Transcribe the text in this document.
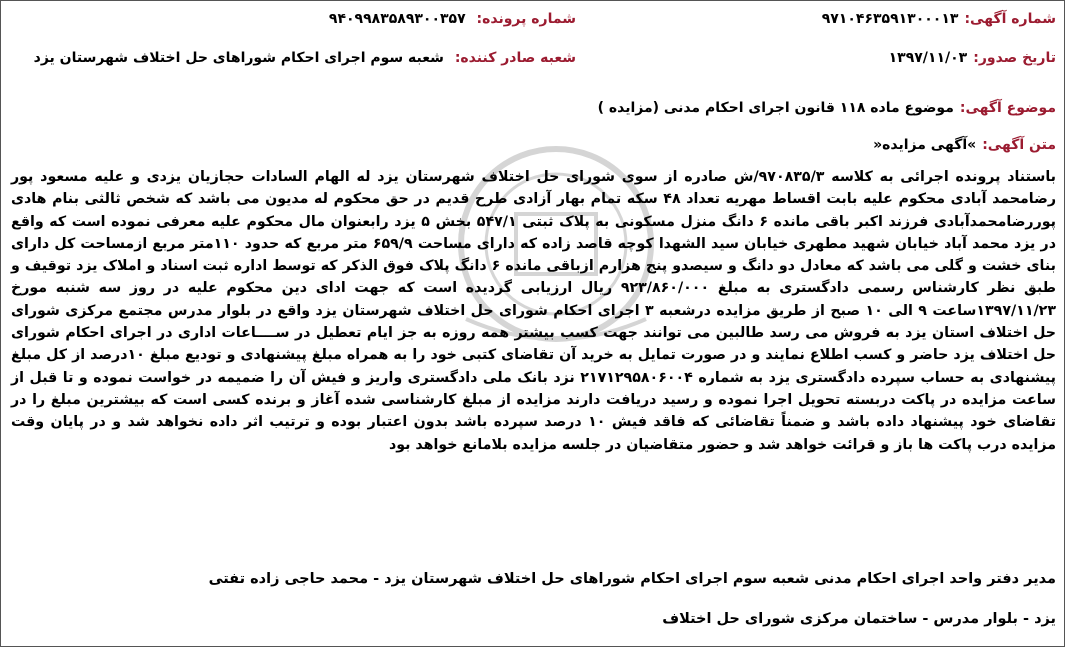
شماره آگهی:
۹۷۱۰۴۶۳۵۹۱۳۰۰۰۱۳
شماره پرونده: ۹۴۰۹۹۸۳۵۸۹۳۰۰۳۵۷
تاریخ صدور:
۱۳۹۷/۱۱/۰۳
شعبه صادر کننده: شعبه سوم اجرای احکام شوراهای حل اختلاف شهرستان یزد
موضوع آگهی:
موضوع ماده ۱۱۸ قانون اجرای احکام مدنی (مزایده )
متن آگهی:
»آگهی مزایده«
باستناد پرونده اجرائی به کلاسه ۹۷۰۸۳۵/۳/ش صادره از سوی شورای حل اختلاف شهرستان یزد له الهام السادات حجازیان یزدی و علیه مسعود پور رضامحمد آبادی محکوم علیه بابت اقساط مهریه تعداد ۴۸ سکه تمام بهار آزادی طرح قدیم در حق محکوم له مدیون می باشد که شخص ثالثی بنام هادی پوررضامحمدآبادی فرزند اکبر باقی مانده ۶ دانگ منزل مسکونی به پلاک ثبتی ۵۴۷/۱ بخش ۵ یزد رابعنوان مال محکوم علیه معرفی نموده است که واقع در یزد محمد آباد خیابان شهید مطهری خیابان سید الشهدا کوچه قاصد زاده که دارای مساحت ۶۵۹/۹ متر مربع که حدود ۱۱۰متر مربع ازمساحت کل دارای بنای خشت و گلی می باشد که معادل دو دانگ و سیصدو پنج هزارم ازباقی مانده ۶ دانگ پلاک فوق الذکر که توسط اداره ثبت اسناد و املاک یزد توقیف و طبق نظر کارشناس رسمی دادگستری به مبلغ ۹۲۳/۸۶۰/۰۰۰ ریال ارزیابی گردیده است که جهت ادای دین محکوم علیه در روز سه شنبه مورخ ۱۳۹۷/۱۱/۲۳ساعت ۹ الی ۱۰ صبح از طریق مزایده درشعبه ۳ اجرای احکام شورای حل اختلاف شهرستان یزد واقع در بلوار مدرس مجتمع مرکزی شورای حل اختلاف استان یزد به فروش می رسد طالبین می توانند جهت کسب بیشتر همه روزه به جز ایام تعطیل در ســــاعات اداری در اجرای احکام شورای حل اختلاف یزد حاضر و کسب اطلاع نمایند و در صورت تمایل به خرید آن تقاضای کتبی خود را به همراه مبلغ پیشنهادی و تودیع مبلغ ۱۰درصد از کل مبلغ پیشنهادی به حساب سپرده دادگستری یزد به شماره ۲۱۷۱۲۹۵۸۰۶۰۰۴ نزد بانک ملی دادگستری واریز و فیش آن را ضمیمه در خواست نموده و تا قبل از ساعت مزایده در پاکت دربسته تحویل اجرا نموده و رسید دریافت دارند مزایده از مبلغ کارشناسی شده آغاز و برنده کسی است که بیشترین مبلغ را در تقاضای خود پیشنهاد داده باشد و ضمناً تقاضائی که فاقد فیش ۱۰ درصد سپرده باشد بدون اعتبار بوده و ترتیب اثر داده نخواهد شد و در پایان وقت مزایده درب پاکت ها باز و قرائت خواهد شد و حضور متقاضیان در جلسه مزایده بلامانع خواهد بود
مدیر دفتر واحد اجرای احکام مدنی شعبه سوم اجرای احکام شوراهای حل اختلاف شهرستان یزد - محمد حاجی زاده تفتی
یزد - بلوار مدرس - ساختمان مرکزی شورای حل اختلاف
